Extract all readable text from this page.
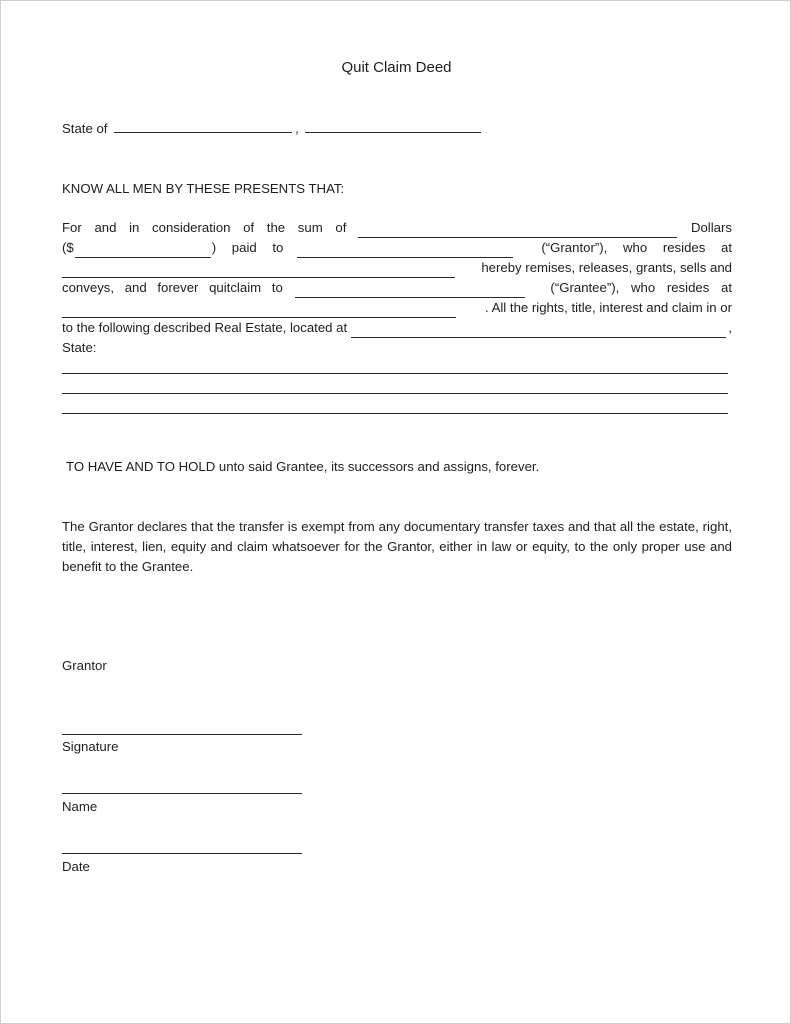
Quit Claim Deed
State of	,
KNOW ALL MEN BY THESE PRESENTS THAT:
For and in consideration of the sum of	Dollars
($	) paid to	(“Grantor”), who resides at
hereby remises, releases, grants, sells and
conveys, and forever quitclaim to	(“Grantee”), who resides at
. All the rights, title, interest and claim in or
to the following described Real Estate, located at	,
State:
TO HAVE AND TO HOLD unto said Grantee, its successors and assigns, forever.
The Grantor declares that the transfer is exempt from any documentary transfer taxes and that all the estate, right, title, interest, lien, equity and claim whatsoever for the Grantor, either in law or equity, to the only proper use and benefit to the Grantee.
Grantor
Signature
Name
Date
